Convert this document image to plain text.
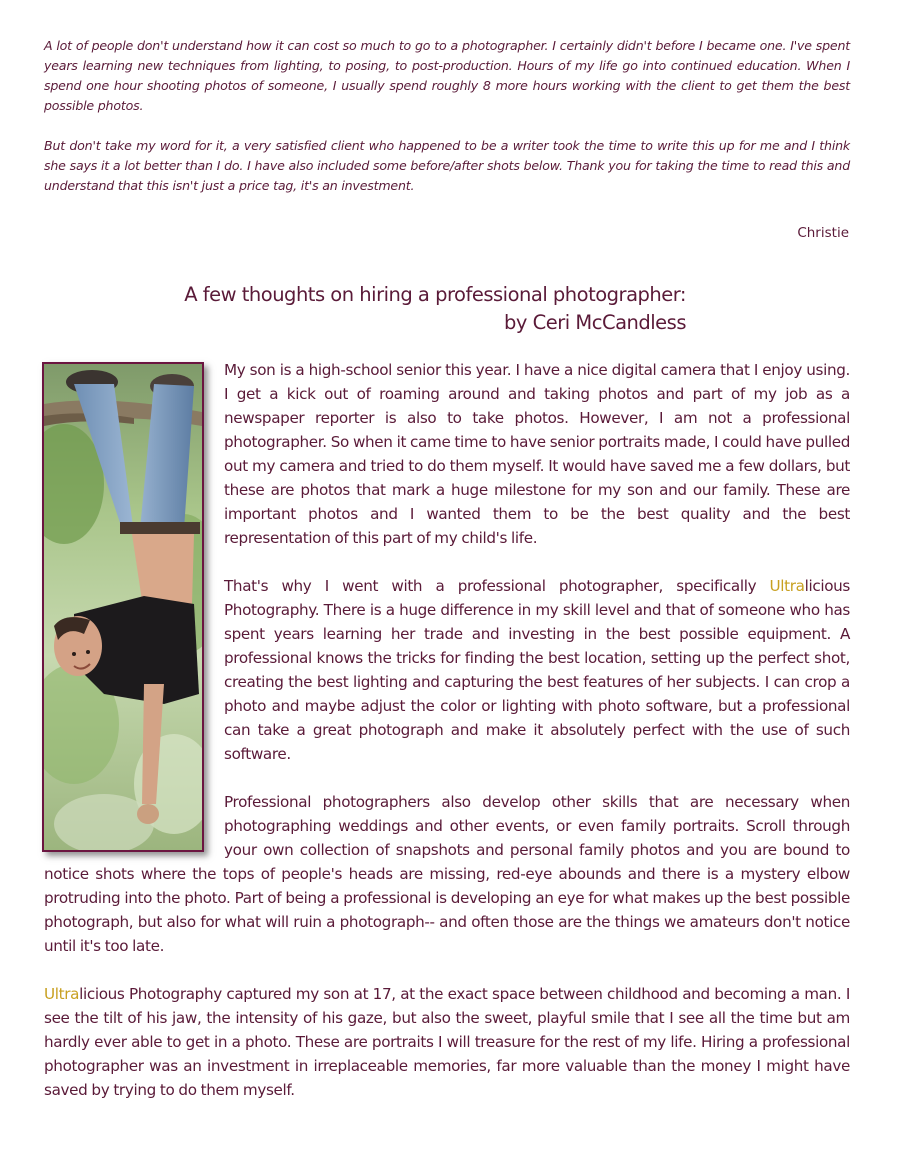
A lot of people don't understand how it can cost so much to go to a photographer. I certainly didn't before I became one. I've spent years learning new techniques from lighting, to posing, to post-production. Hours of my life go into continued education. When I spend one hour shooting photos of someone, I usually spend roughly 8 more hours working with the client to get them the best possible photos.

But don't take my word for it, a very satisfied client who happened to be a writer took the time to write this up for me and I think she says it a lot better than I do. I have also included some before/after shots below. Thank you for taking the time to read this and understand that this isn't just a price tag, it's an investment.

Christie
A few thoughts on hiring a professional photographer:
by Ceri McCandless

My son is a high-school senior this year. I have a nice digital camera that I enjoy using. I get a kick out of roaming around and taking photos and part of my job as a newspaper reporter is also to take photos. However, I am not a professional photographer. So when it came time to have senior portraits made, I could have pulled out my camera and tried to do them myself. It would have saved me a few dollars, but these are photos that mark a huge milestone for my son and our family. These are important photos and I wanted them to be the best quality and the best representation of this part of my child's life.

That's why I went with a professional photographer, specifically Ultralicious Photography. There is a huge difference in my skill level and that of someone who has spent years learning her trade and investing in the best possible equipment. A professional knows the tricks for finding the best location, setting up the perfect shot, creating the best lighting and capturing the best features of her subjects. I can crop a photo and maybe adjust the color or lighting with photo software, but a professional can take a great photograph and make it absolutely perfect with the use of such software.

Professional photographers also develop other skills that are necessary when photographing weddings and other events, or even family portraits. Scroll through your own collection of snapshots and personal family photos and you are bound to notice shots where the tops of people's heads are missing, red-eye abounds and there is a mystery elbow protruding into the photo. Part of being a professional is developing an eye for what makes up the best possible photograph, but also for what will ruin a photograph-- and often those are the things we amateurs don't notice until it's too late.

Ultralicious Photography captured my son at 17, at the exact space between childhood and becoming a man. I see the tilt of his jaw, the intensity of his gaze, but also the sweet, playful smile that I see all the time but am hardly ever able to get in a photo. These are portraits I will treasure for the rest of my life. Hiring a professional photographer was an investment in irreplaceable memories, far more valuable than the money I might have saved by trying to do them myself.
